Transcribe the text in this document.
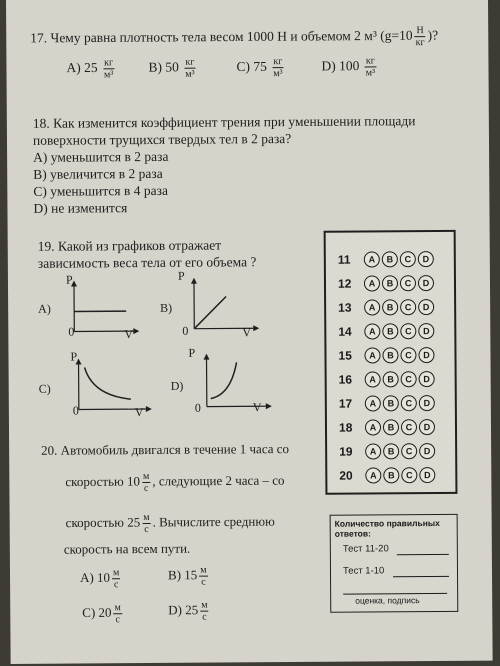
17. Чему равна плотность тела весом 1000 Н и объемом 2 м³ ($g=10 \frac{Н}{кг}$ )?
А) $25 \frac{кг}{\text{м³}}$	В) $50 \frac{кг}{\text{м³}}$	С) $75 \frac{кг}{\text{м³}}$	D) $100 \frac{кг}{\text{м³}}$
18. Как изменится коэффициент трения при уменьшении площади
поверхности трущихся твердых тел в 2 раза?
А) уменьшится в 2 раза
В) увеличится в 2 раза
С) уменьшится в 4 раза
D) не изменится
19. Какой из графиков отражает
зависимость веса тела от его объема ?
А)
P
0	V
В)
P
0	V
С)
P
0	V
D)
P
0	V
20. Автомобиль двигался в течение 1 часа со
скоростью $10 \frac{м}{с}$ , следующие 2 часа – со
скоростью $25 \frac{м}{с}$ . Вычислите среднюю
скорость на всем пути.
А) $10 \frac{м}{с}$	В) $15 \frac{м}{с}$
С) $20 \frac{м}{с}$	D) $25 \frac{м}{с}$
11	А	В	С	D
12	А	В	С	D
13	А	В	С	D
14	А	В	С	D
15	А	В	С	D
16	А	В	С	D
17	А	В	С	D
18	А	В	С	D
19	А	В	С	D
20	А	В	С	D
Количество правильных ответов:
Тест 11-20
Тест 1-10
оценка, подпись
